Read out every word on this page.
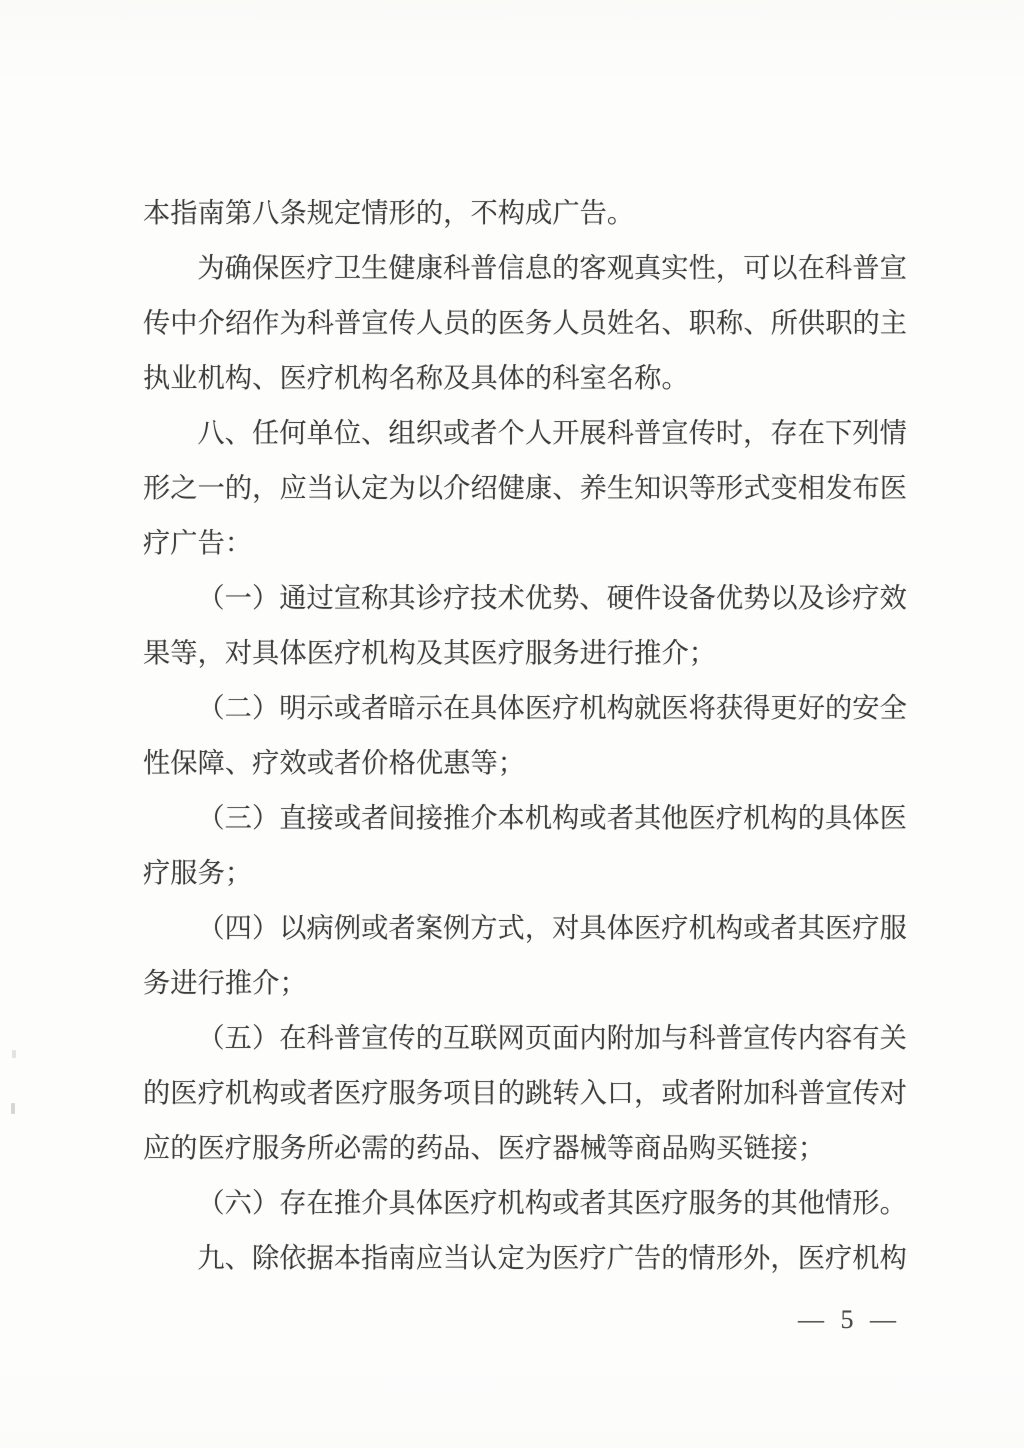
本指南第八条规定情形的，不构成广告。
为确保医疗卫生健康科普信息的客观真实性，可以在科普宣
传中介绍作为科普宣传人员的医务人员姓名、职称、所供职的主
执业机构、医疗机构名称及具体的科室名称。
八、任何单位、组织或者个人开展科普宣传时，存在下列情
形之一的，应当认定为以介绍健康、养生知识等形式变相发布医
疗广告：
（一）通过宣称其诊疗技术优势、硬件设备优势以及诊疗效
果等，对具体医疗机构及其医疗服务进行推介；
（二）明示或者暗示在具体医疗机构就医将获得更好的安全
性保障、疗效或者价格优惠等；
（三）直接或者间接推介本机构或者其他医疗机构的具体医
疗服务；
（四）以病例或者案例方式，对具体医疗机构或者其医疗服
务进行推介；
（五）在科普宣传的互联网页面内附加与科普宣传内容有关
的医疗机构或者医疗服务项目的跳转入口，或者附加科普宣传对
应的医疗服务所必需的药品、医疗器械等商品购买链接；
（六）存在推介具体医疗机构或者其医疗服务的其他情形。
九、除依据本指南应当认定为医疗广告的情形外，医疗机构
— 5 —
